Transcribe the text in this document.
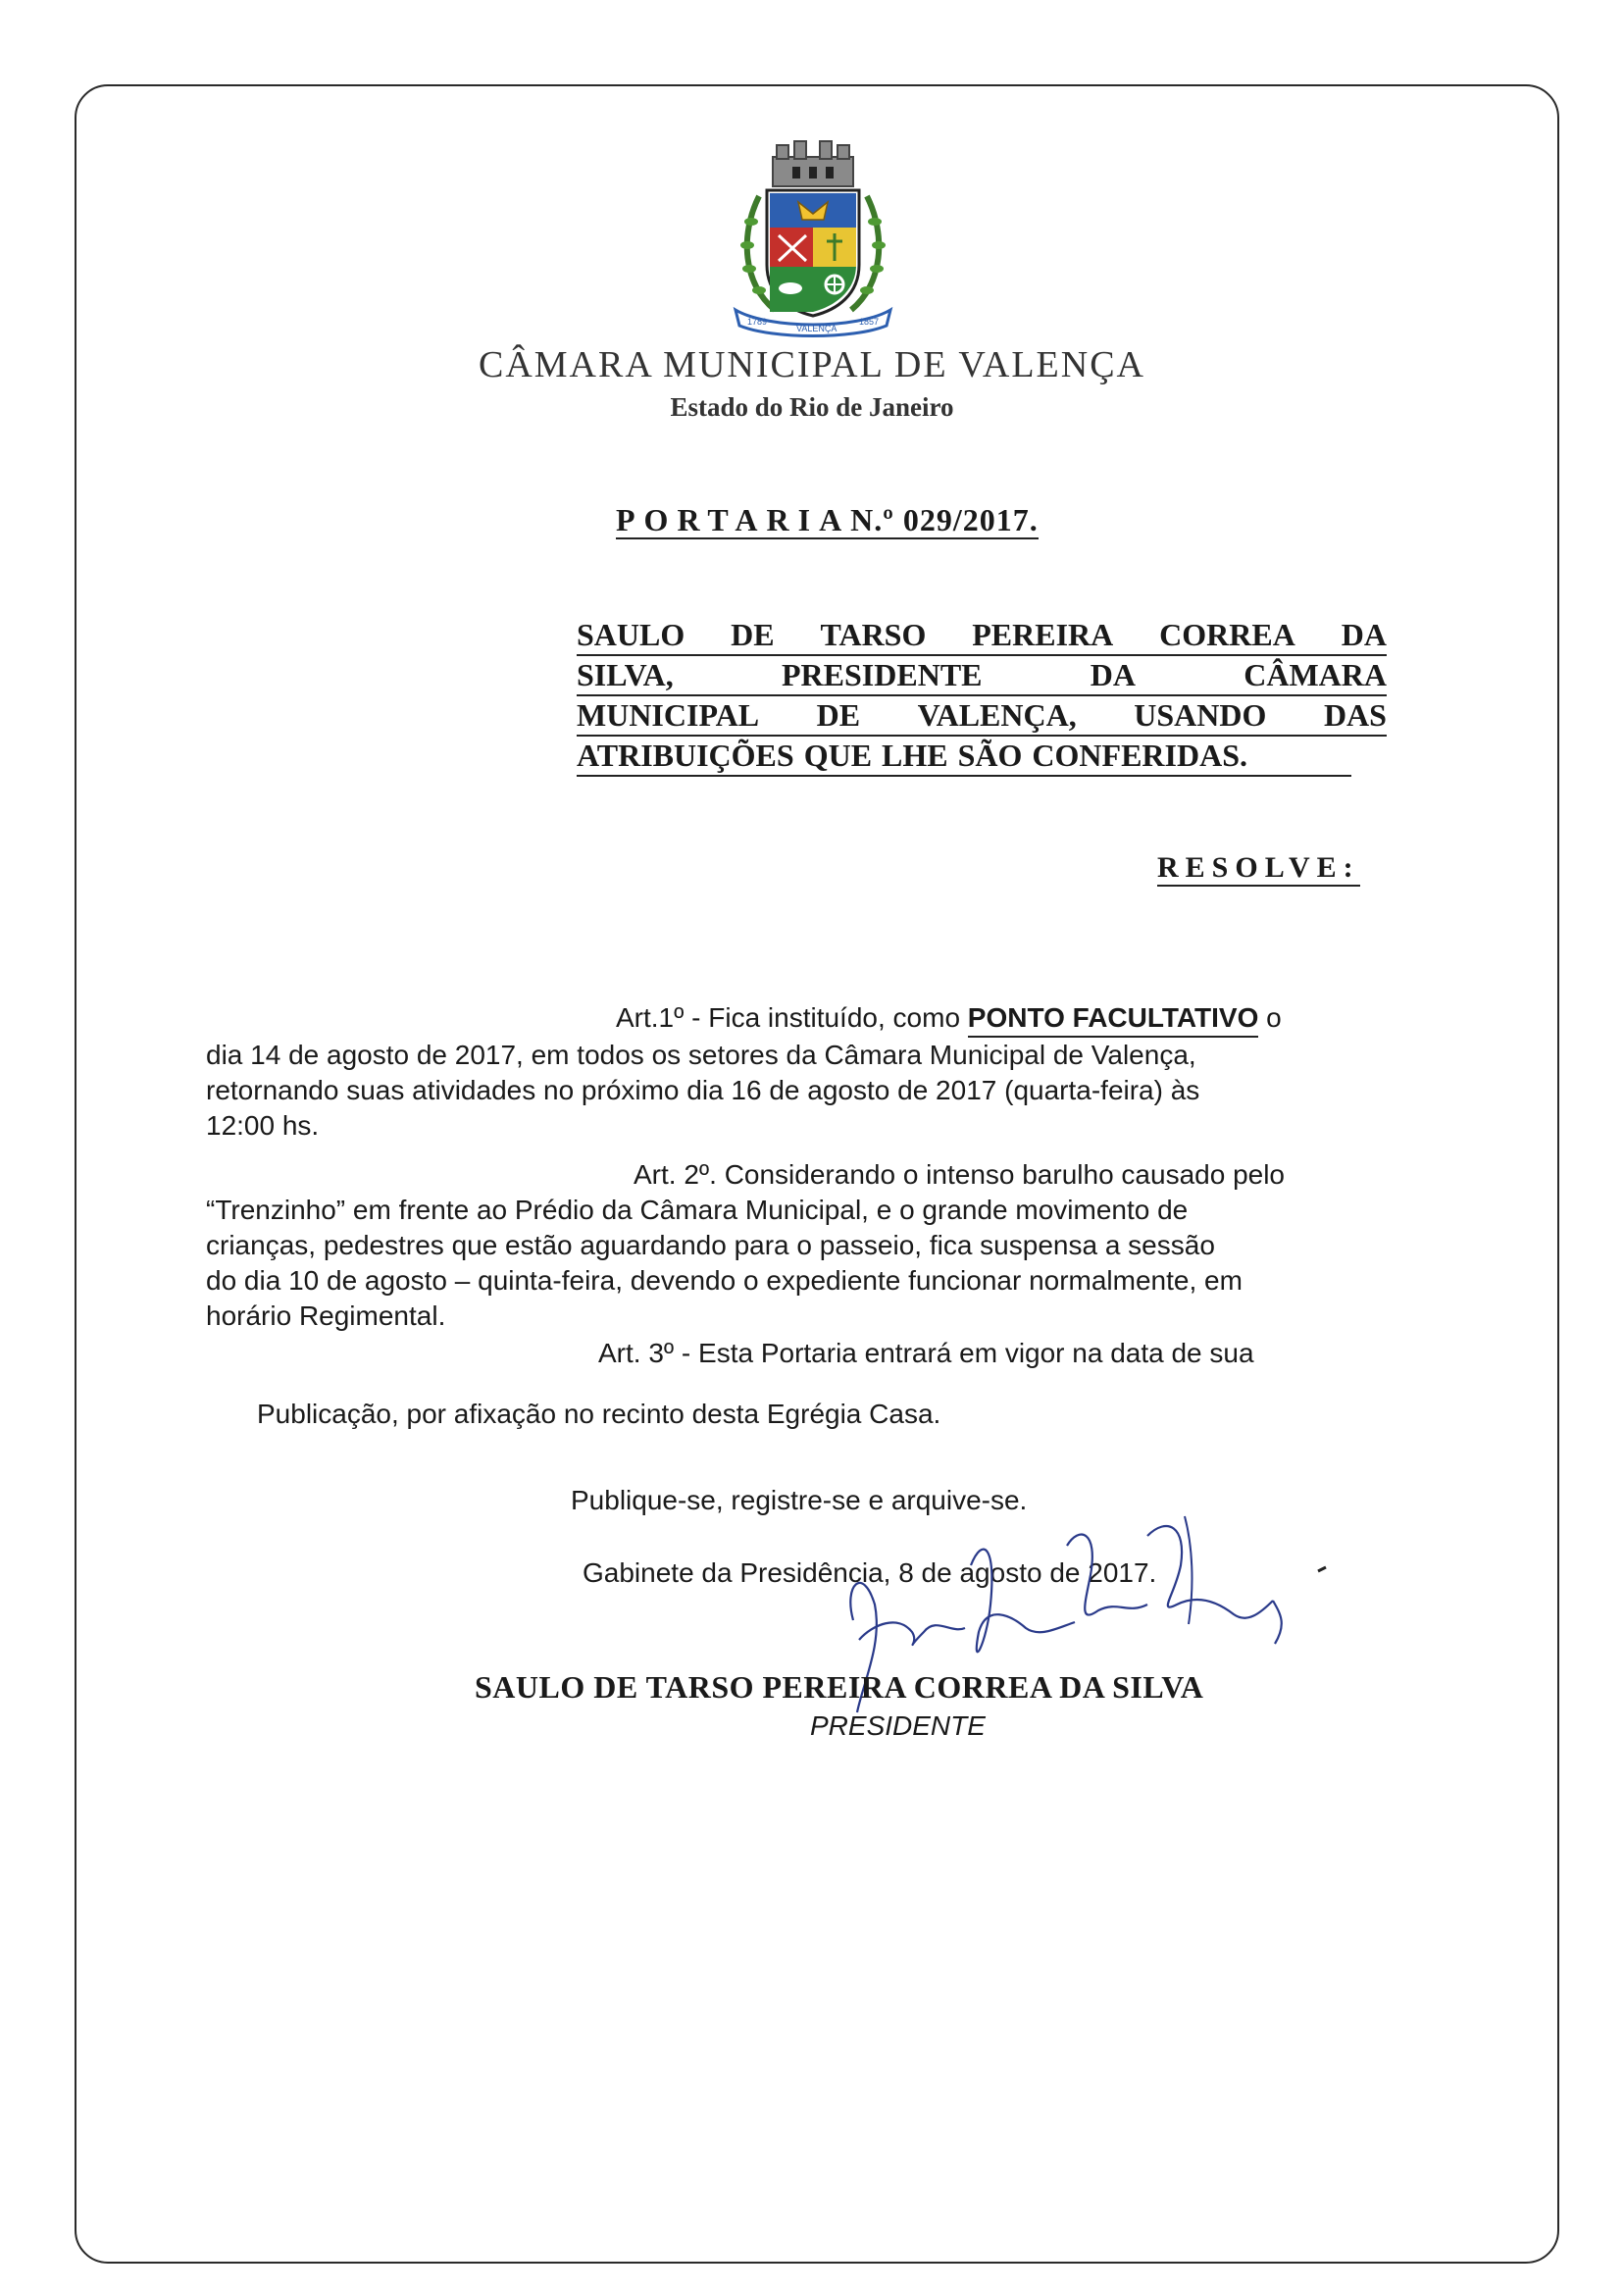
1789
VALENÇA
1857
CÂMARA MUNICIPAL DE VALENÇA
Estado do Rio de Janeiro
PORTARIAN.º 029/2017.
SAULO DE TARSO PEREIRA CORREA DA
SILVA,	PRESIDENTE	DA	CÂMARA
MUNICIPAL DE VALENÇA, USANDO DAS
ATRIBUIÇÕES QUE LHE SÃO CONFERIDAS.
RESOLVE:
Art.1º - Fica instituído, como
PONTO FACULTATIVO
o
dia 14 de agosto de 2017, em todos os setores da Câmara Municipal de Valença,
retornando suas atividades no próximo dia 16 de agosto de 2017 (quarta-feira) às
12:00 hs.
Art. 2º. Considerando o intenso barulho causado pelo
“Trenzinho” em frente ao Prédio da Câmara Municipal, e o grande movimento de
crianças, pedestres que estão aguardando para o passeio, fica suspensa a sessão
do dia 10 de agosto – quinta-feira, devendo o expediente funcionar normalmente, em
horário Regimental.
Art. 3º - Esta Portaria entrará em vigor na data de sua
Publicação, por afixação no recinto desta Egrégia Casa.
Publique-se, registre-se e arquive-se.
Gabinete da Presidência, 8 de agosto de 2017.
SAULO DE TARSO PEREIRA CORREA DA SILVA
PRESIDENTE
